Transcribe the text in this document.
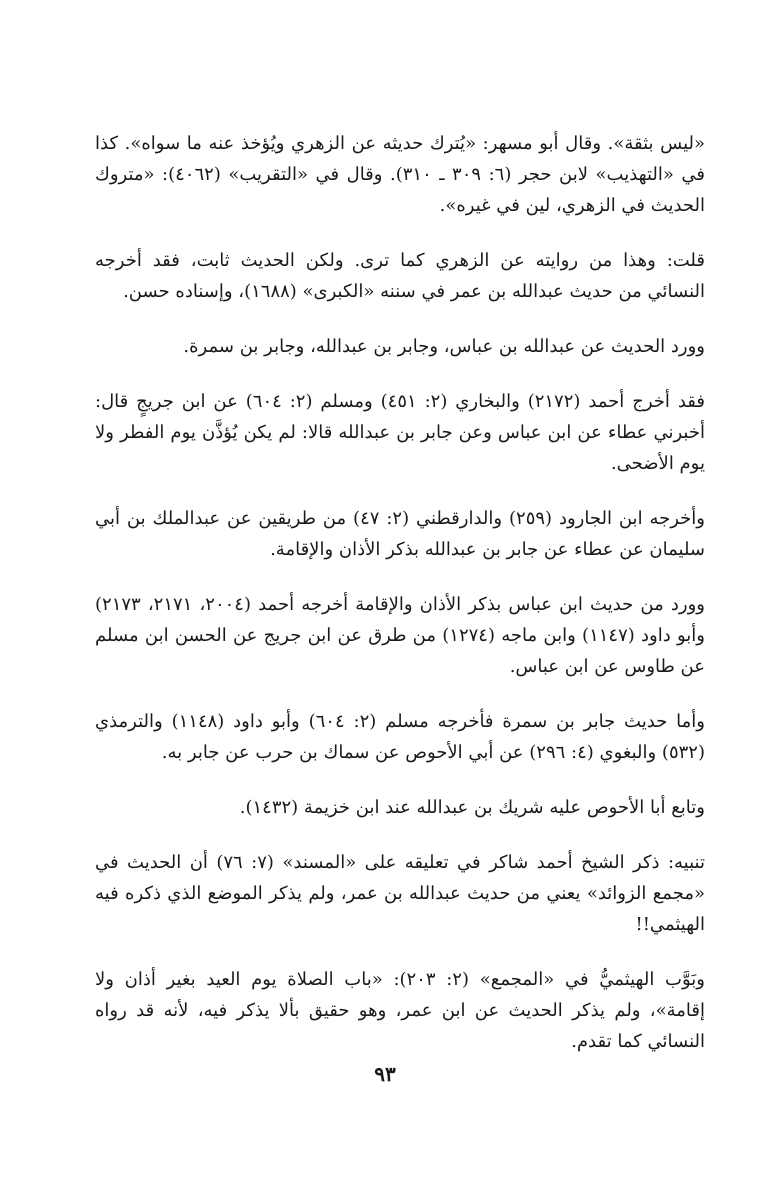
«ليس بثقة». وقال أبو مسهر: «يُترك حديثه عن الزهري ويُؤخذ عنه ما سواه». كذا في «التهذيب» لابن حجر (٦: ٣٠٩ ـ ٣١٠). وقال في «التقريب» (٤٠٦٢): «متروك الحديث في الزهري، لين في غيره».

قلت: وهذا من روايته عن الزهري كما ترى. ولكن الحديث ثابت، فقد أخرجه النسائي من حديث عبدالله بن عمر في سننه «الكبرى» (١٦٨٨)، وإسناده حسن.

وورد الحديث عن عبدالله بن عباس، وجابر بن عبدالله، وجابر بن سمرة.

فقد أخرج أحمد (٢١٧٢) والبخاري (٢: ٤٥١) ومسلم (٢: ٦٠٤) عن ابن جريجٍ قال: أخبرني عطاء عن ابن عباس وعن جابر بن عبدالله قالا: لم يكن يُؤذَّن يوم الفطر ولا يوم الأضحى.

وأخرجه ابن الجارود (٢٥٩) والدارقطني (٢: ٤٧) من طريقين عن عبدالملك بن أبي سليمان عن عطاء عن جابر بن عبدالله بذكر الأذان والإقامة.

وورد من حديث ابن عباس بذكر الأذان والإقامة أخرجه أحمد (٢٠٠٤، ٢١٧١، ٢١٧٣) وأبو داود (١١٤٧) وابن ماجه (١٢٧٤) من طرق عن ابن جريج عن الحسن ابن مسلم عن طاوس عن ابن عباس.

وأما حديث جابر بن سمرة فأخرجه مسلم (٢: ٦٠٤) وأبو داود (١١٤٨) والترمذي (٥٣٢) والبغوي (٤: ٢٩٦) عن أبي الأحوص عن سماك بن حرب عن جابر به.

وتابع أبا الأحوص عليه شريك بن عبدالله عند ابن خزيمة (١٤٣٢).

تنبيه: ذكر الشيخ أحمد شاكر في تعليقه على «المسند» (٧: ٧٦) أن الحديث في «مجمع الزوائد» يعني من حديث عبدالله بن عمر، ولم يذكر الموضع الذي ذكره فيه الهيثمي!!

وبَوَّب الهيثميُّ في «المجمع» (٢: ٢٠٣): «باب الصلاة يوم العيد بغير أذان ولا إقامة»، ولم يذكر الحديث عن ابن عمر، وهو حقيق بألا يذكر فيه، لأنه قد رواه النسائي كما تقدم.

٩٣
